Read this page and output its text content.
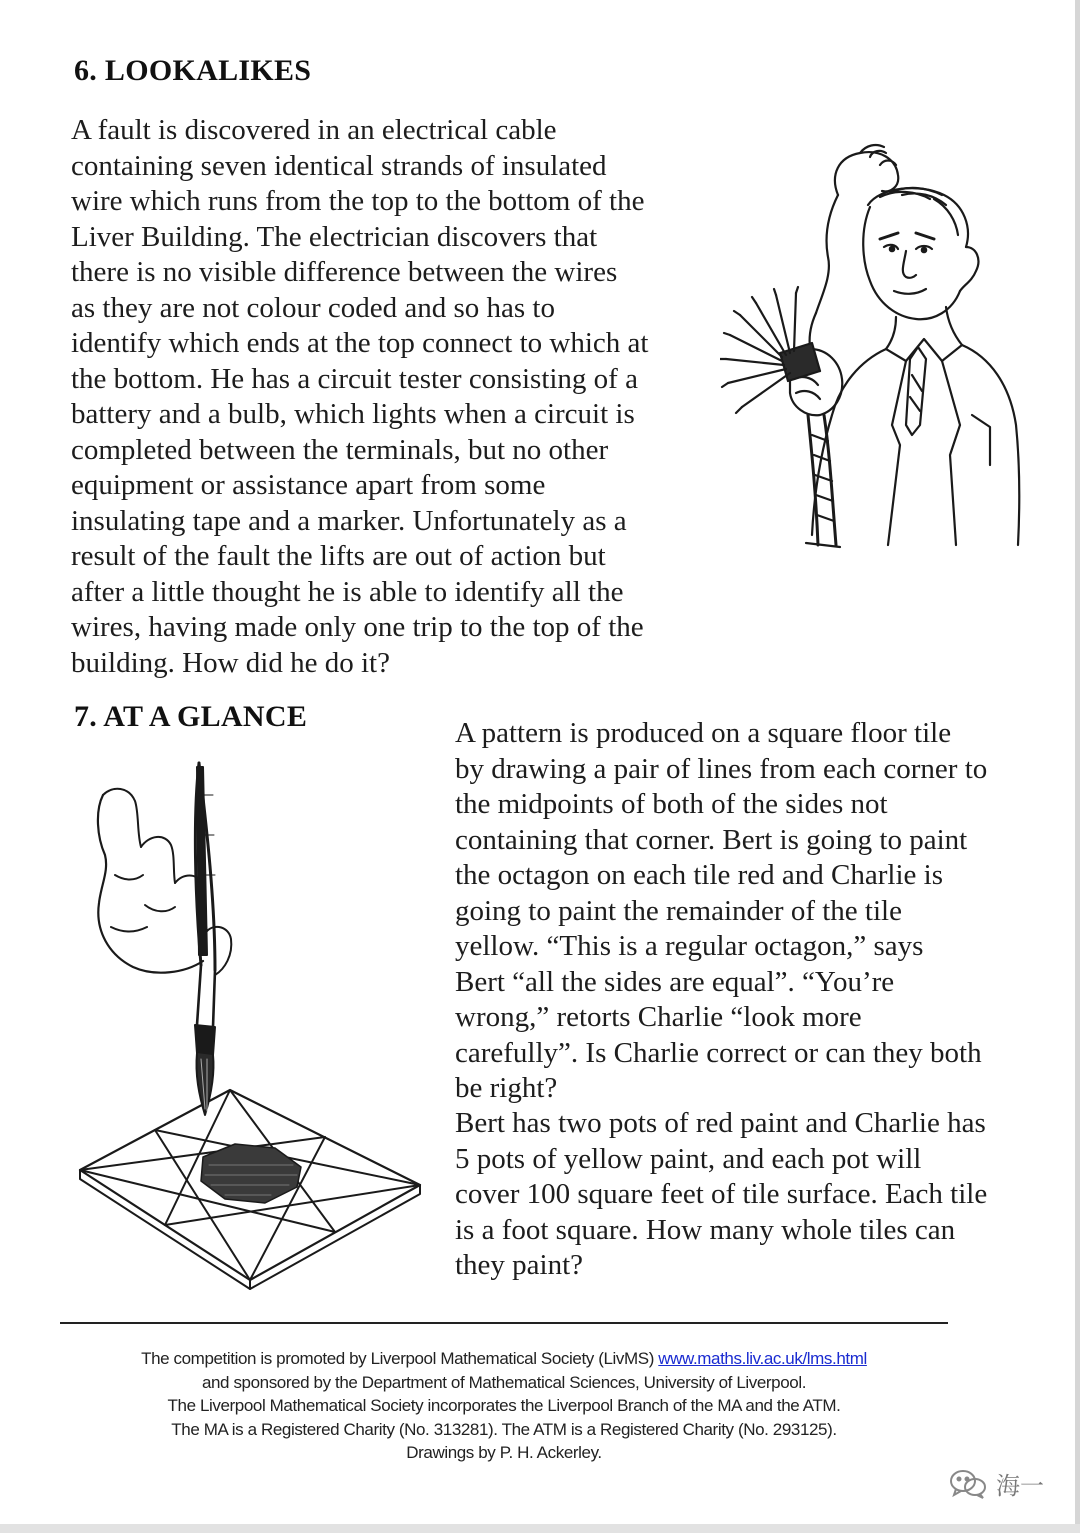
6. LOOKALIKES
A fault is discovered in an electrical cable
containing seven identical strands of insulated
wire which runs from the top to the bottom of the
Liver Building. The electrician discovers that
there is no visible difference between the wires
as they are not colour coded and so has to
identify which ends at the top connect to which at
the bottom. He has a circuit tester consisting of a
battery and a bulb, which lights when a circuit is
completed between the terminals, but no other
equipment or assistance apart from some
insulating tape and a marker. Unfortunately as a
result of the fault the lifts are out of action but
after a little thought he is able to identify all the
wires, having made only one trip to the top of the
building. How did he do it?
7. AT A GLANCE	A pattern is produced on a square floor tile
by drawing a pair of lines from each corner to
the midpoints of both of the sides not
containing that corner. Bert is going to paint
the octagon on each tile red and Charlie is
going to paint the remainder of the tile
yellow. “This is a regular octagon,” says
Bert “all the sides are equal”. “You’re
wrong,” retorts Charlie “look more
carefully”. Is Charlie correct or can they both
be right?
Bert has two pots of red paint and Charlie has
5 pots of yellow paint, and each pot will
cover 100 square feet of tile surface. Each tile
is a foot square. How many whole tiles can
they paint?
The competition is promoted by Liverpool Mathematical Society (LivMS) www.maths.liv.ac.uk/lms.html
and sponsored by the Department of Mathematical Sciences, University of Liverpool.
The Liverpool Mathematical Society incorporates the Liverpool Branch of the MA and the ATM.
The MA is a Registered Charity (No. 313281). The ATM is a Registered Charity (No. 293125).
Drawings by P. H. Ackerley.
海一
